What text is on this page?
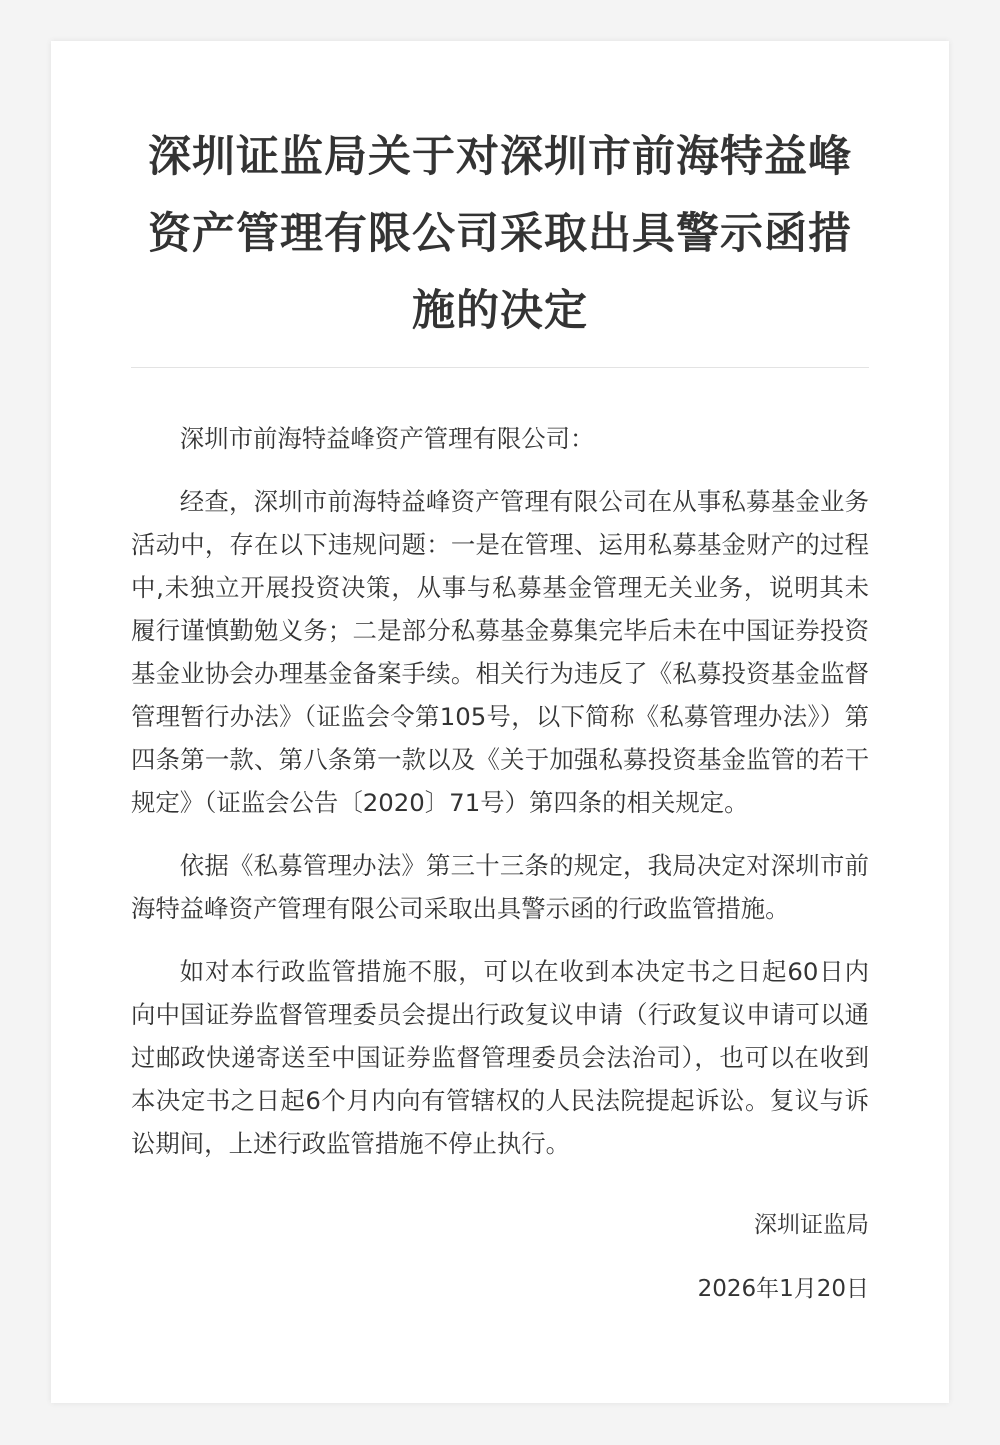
深圳证监局关于对深圳市前海特益峰资产管理有限公司采取出具警示函措施的决定

深圳市前海特益峰资产管理有限公司：

经查，深圳市前海特益峰资产管理有限公司在从事私募基金业务活动中，存在以下违规问题：一是在管理、运用私募基金财产的过程中,未独立开展投资决策，从事与私募基金管理无关业务，说明其未履行谨慎勤勉义务；二是部分私募基金募集完毕后未在中国证券投资基金业协会办理基金备案手续。相关行为违反了《私募投资基金监督管理暂行办法》（证监会令第105号，以下简称《私募管理办法》）第四条第一款、第八条第一款以及《关于加强私募投资基金监管的若干规定》（证监会公告〔2020〕71号）第四条的相关规定。

依据《私募管理办法》第三十三条的规定，我局决定对深圳市前海特益峰资产管理有限公司采取出具警示函的行政监管措施。

如对本行政监管措施不服，可以在收到本决定书之日起60日内向中国证券监督管理委员会提出行政复议申请（行政复议申请可以通过邮政快递寄送至中国证券监督管理委员会法治司），也可以在收到本决定书之日起6个月内向有管辖权的人民法院提起诉讼。复议与诉讼期间，上述行政监管措施不停止执行。

深圳证监局
2026年1月20日
